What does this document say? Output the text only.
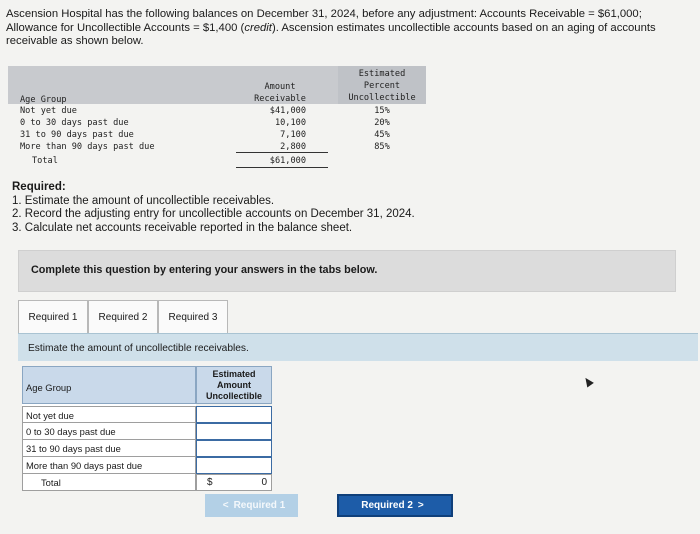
Ascension Hospital has the following balances on December 31, 2024, before any adjustment: Accounts Receivable = $61,000;
Allowance for Uncollectible Accounts = $1,400 (credit). Ascension estimates uncollectible accounts based on an aging of accounts
receivable as shown below.
Amount
Receivable
Estimated
Percent
Uncollectible
Age Group
Not yet due	$41,000	15%
0 to 30 days past due	10,100	20%
31 to 90 days past due	7,100	45%
More than 90 days past due	2,800	85%
Total	$61,000
Required:
1. Estimate the amount of uncollectible receivables.
2. Record the adjusting entry for uncollectible accounts on December 31, 2024.
3. Calculate net accounts receivable reported in the balance sheet.
Complete this question by entering your answers in the tabs below.
Required 1	Required 2	Required 3
Estimate the amount of uncollectible receivables.
Age Group
Estimated
Amount
Uncollectible
Not yet due
0 to 30 days past due
31 to 90 days past due
More than 90 days past due
Total	$	0
< Required 1	Required 2 >
